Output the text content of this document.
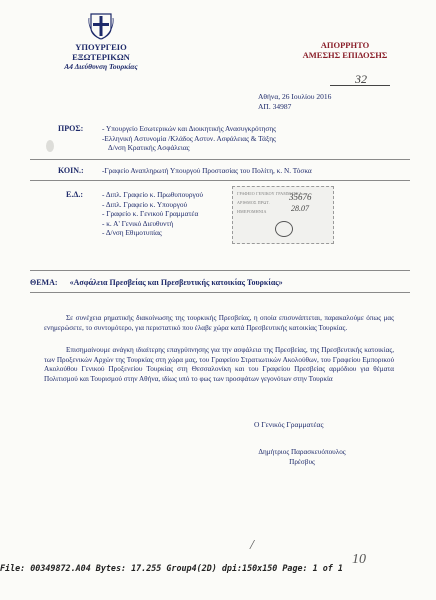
ΥΠΟΥΡΓΕΙΟ ΕΞΩΤΕΡΙΚΩΝ
Α4 Διεύθυνση Τουρκίας
ΑΠΟΡΡΗΤΟ
ΑΜΕΣΗΣ ΕΠΙΔΟΣΗΣ
32
Αθήνα, 26 Ιουλίου 2016
ΑΠ. 34987
ΠΡΟΣ:	- Υπουργείο Εσωτερικών και Διοικητικής Ανασυγκρότησης
-Ελληνική Αστυνομία /Κλάδος Αστυν. Ασφάλειας & Τάξης
Δ/νση Κρατικής Ασφάλειας
ΚΟΙΝ.:	-Γραφείο Αναπληρωτή Υπουργού Προστασίας του Πολίτη, κ. Ν. Τόσκα
Ε.Δ.:	- Διπλ. Γραφείο κ. Πρωθυπουργού
- Διπλ. Γραφείο κ. Υπουργού
- Γραφείο κ. Γενικού Γραμματέα
- κ. Α' Γενικό Διευθυντή
- Δ/νση Εθιμοτυπίας
ΓΡΑΦΕΙΟ ΓΕΝΙΚΟΥ ΓΡΑΜΜΑΤΕΑ
ΑΡΙΘΜΟΣ ΠΡΩΤ.
ΗΜΕΡΟΜΗΝΙΑ
35676
28.07
ΘΕΜΑ: «Ασφάλεια Πρεσβείας και Πρεσβευτικής κατοικίας Τουρκίας»
Σε συνέχεια ρηματικής διακοίνωσης της τουρκικής Πρεσβείας, η οποία επισυνάπτεται, παρακαλούμε όπως μας ενημερώσετε, το συντομότερο, για περιστατικό που έλαβε χώρα κατά Πρεσβευτικής κατοικίας Τουρκίας.
Επισημαίνουμε ανάγκη ιδιαίτερης επαγρύπνησης για την ασφάλεια της Πρεσβείας, της Πρεσβευτικής κατοικίας, των Προξενικών Αρχών της Τουρκίας στη χώρα μας, του Γραφείου Στρατιωτικών Ακολούθων, του Γραφείου Εμπορικού Ακολούθου Γενικού Προξενείου Τουρκίας στη Θεσσαλονίκη και του Γραφείου Πρεσβείας αρμόδιου για θέματα Πολιτισμού και Τουρισμού στην Αθήνα, ιδίως υπό το φως των προσφάτων γεγονότων στην Τουρκία
Ο Γενικός Γραμματέας
Δημήτριος Παρασκευόπουλος
Πρέσβυς
/
10
File: 00349872.A04 Bytes: 17.255 Group4(2D) dpi:150x150 Page: 1 of 1
